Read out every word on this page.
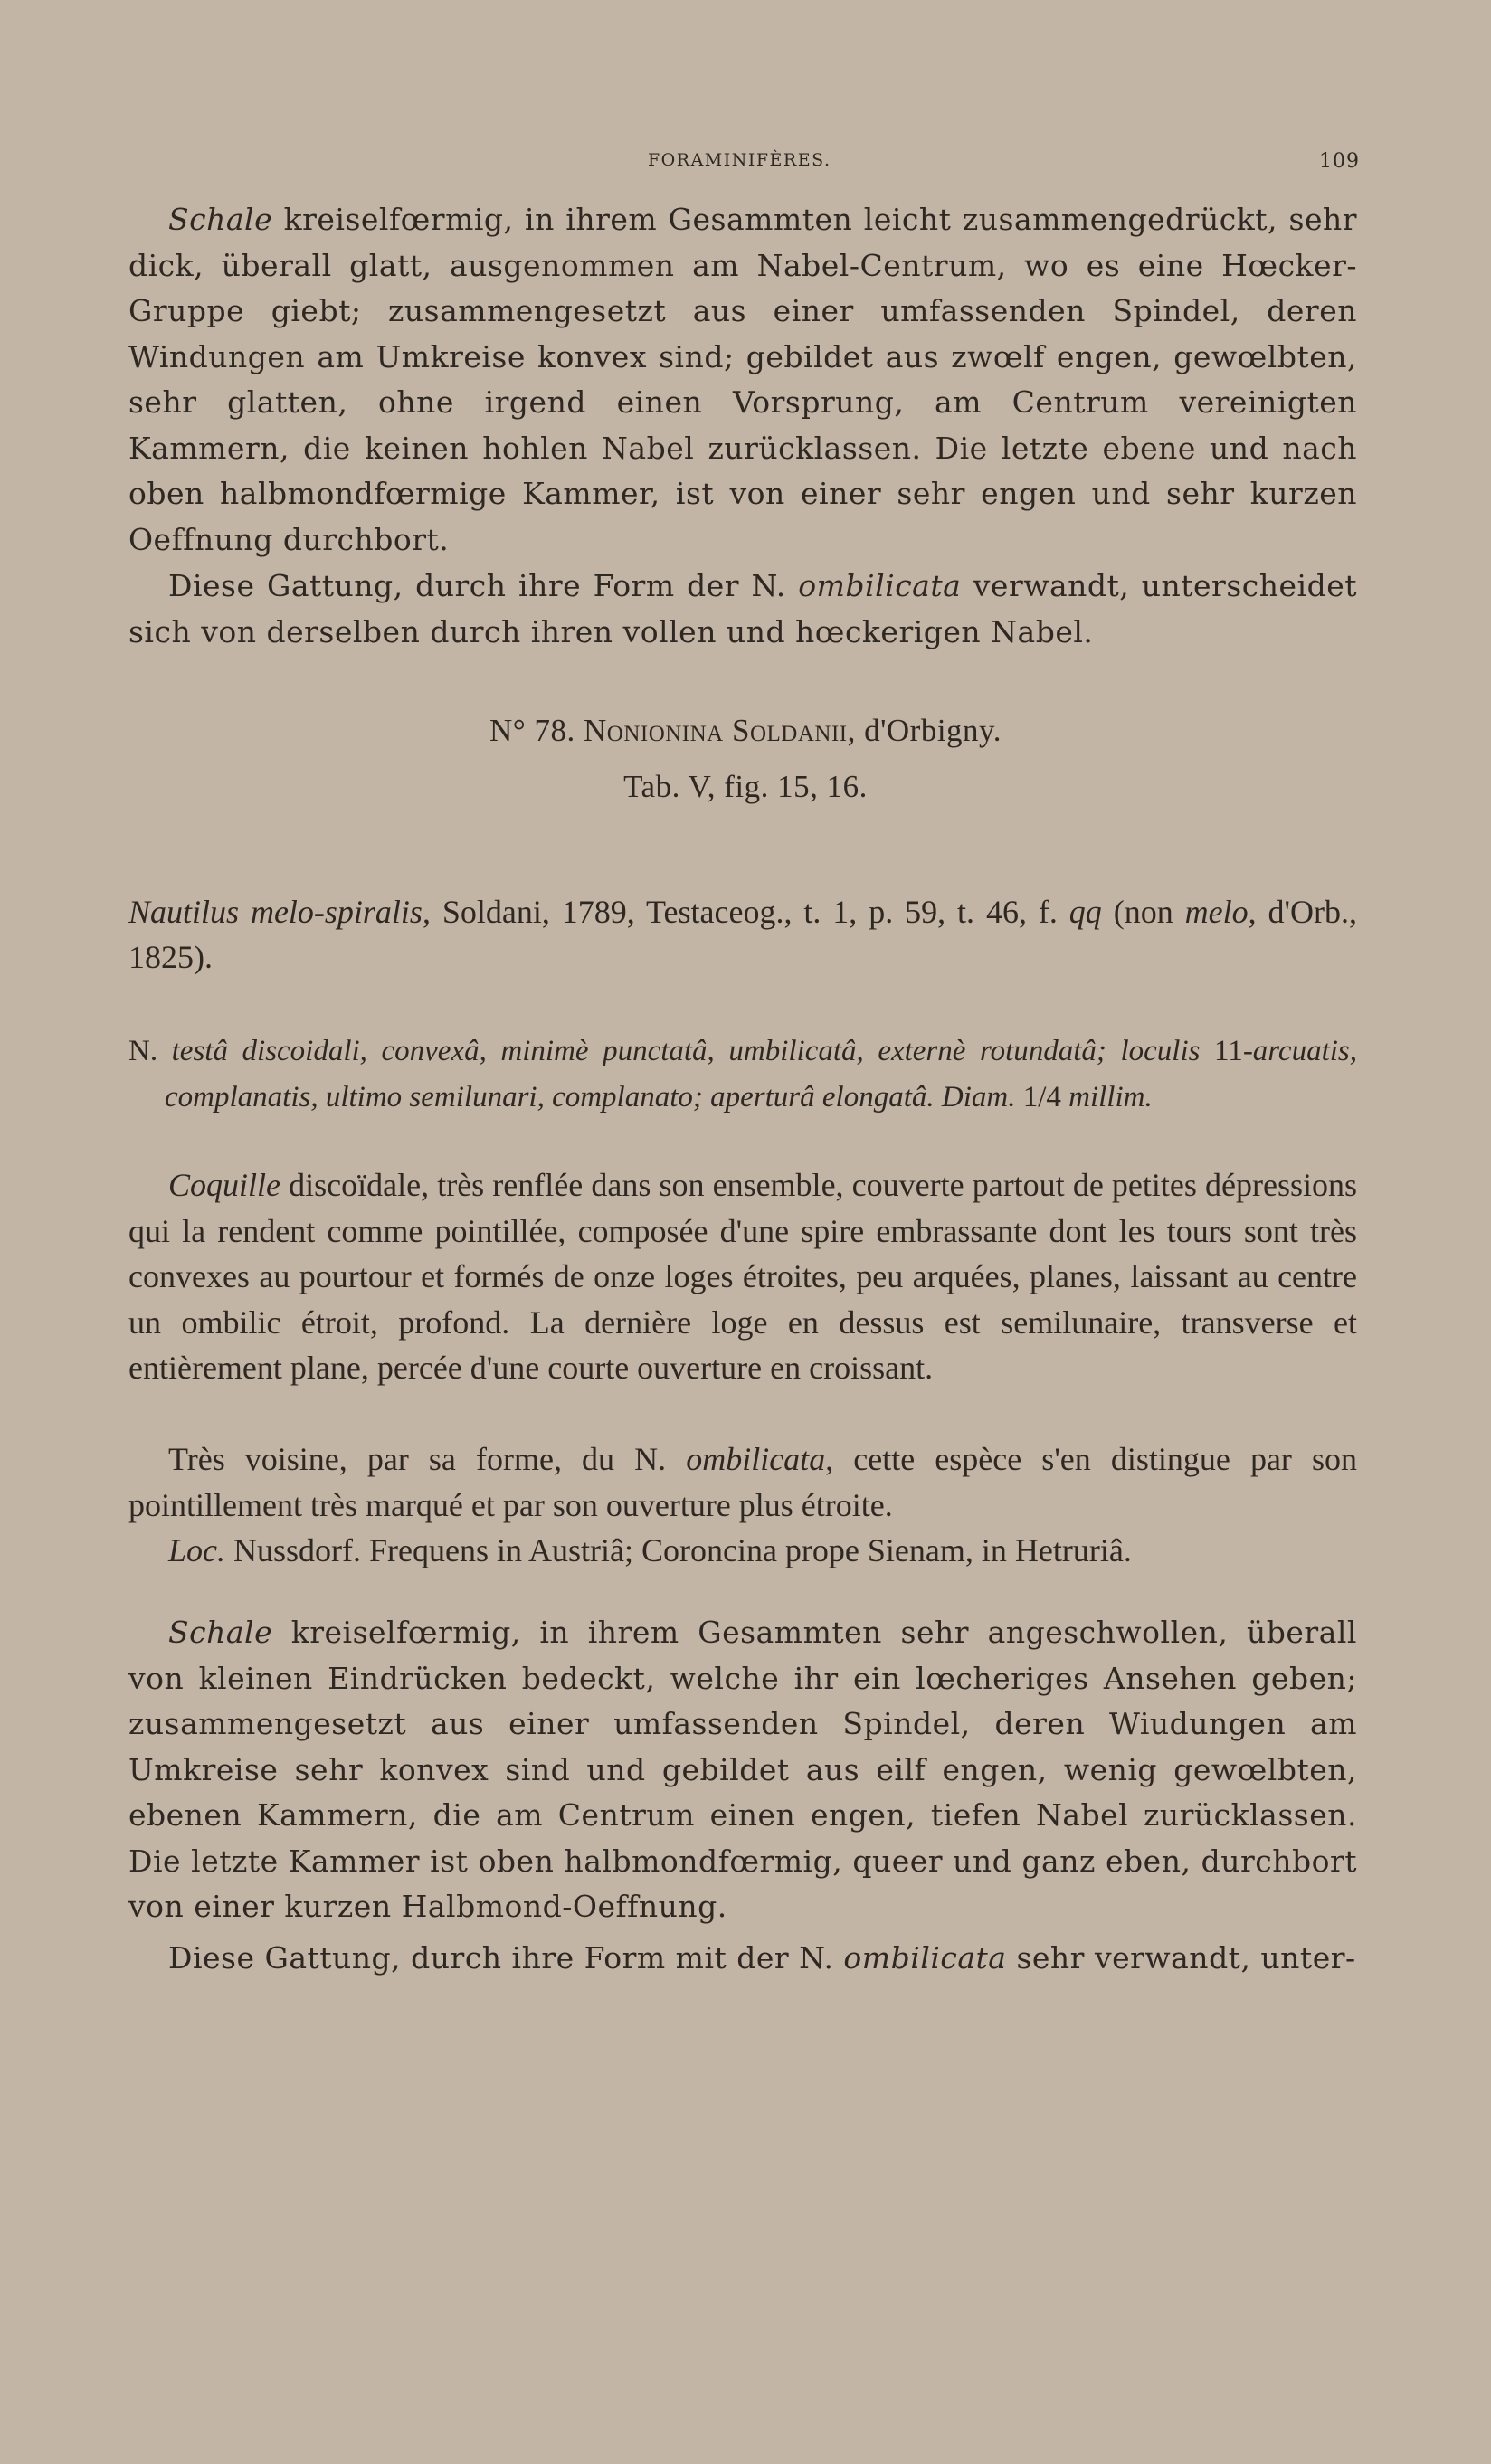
FORAMINIFÈRES.	109

Schale kreiselfœrmig, in ihrem Gesammten leicht zusammengedrückt, sehr dick, überall glatt, ausgenommen am Nabel-Centrum, wo es eine Hœcker-Gruppe giebt; zusammengesetzt aus einer umfassenden Spindel, deren Windungen am Umkreise konvex sind; gebildet aus zwœlf engen, gewœlbten, sehr glatten, ohne irgend einen Vorsprung, am Centrum vereinigten Kammern, die keinen hohlen Nabel zurücklassen. Die letzte ebene und nach oben halbmondfœrmige Kammer, ist von einer sehr engen und sehr kurzen Oeffnung durchbort.

Diese Gattung, durch ihre Form der N. ombilicata verwandt, unterscheidet sich von derselben durch ihren vollen und hœckerigen Nabel.

N° 78. Nonionina Soldanii, d'Orbigny.
Tab. V, fig. 15, 16.

Nautilus melo-spiralis, Soldani, 1789, Testaceog., t. 1, p. 59, t. 46, f. qq (non melo, d'Orb., 1825).

N. testâ discoidali, convexâ, minimè punctatâ, umbilicatâ, externè rotundatâ; loculis 11-arcuatis, complanatis, ultimo semilunari, complanato; aperturâ elongatâ. Diam. 1/4 millim.

Coquille discoïdale, très renflée dans son ensemble, couverte partout de petites dépressions qui la rendent comme pointillée, composée d'une spire embrassante dont les tours sont très convexes au pourtour et formés de onze loges étroites, peu arquées, planes, laissant au centre un ombilic étroit, profond. La dernière loge en dessus est semilunaire, transverse et entièrement plane, percée d'une courte ouverture en croissant.

Très voisine, par sa forme, du N. ombilicata, cette espèce s'en distingue par son pointillement très marqué et par son ouverture plus étroite.

Loc. Nussdorf. Frequens in Austriâ; Coroncina prope Sienam, in Hetruriâ.

Schale kreiselfœrmig, in ihrem Gesammten sehr angeschwollen, überall von kleinen Eindrücken bedeckt, welche ihr ein lœcheriges Ansehen geben; zusammengesetzt aus einer umfassenden Spindel, deren Wiudungen am Umkreise sehr konvex sind und gebildet aus eilf engen, wenig gewœlbten, ebenen Kammern, die am Centrum einen engen, tiefen Nabel zurücklassen. Die letzte Kammer ist oben halbmondfœrmig, queer und ganz eben, durchbort von einer kurzen Halbmond-Oeffnung.

Diese Gattung, durch ihre Form mit der N. ombilicata sehr verwandt, unter-
